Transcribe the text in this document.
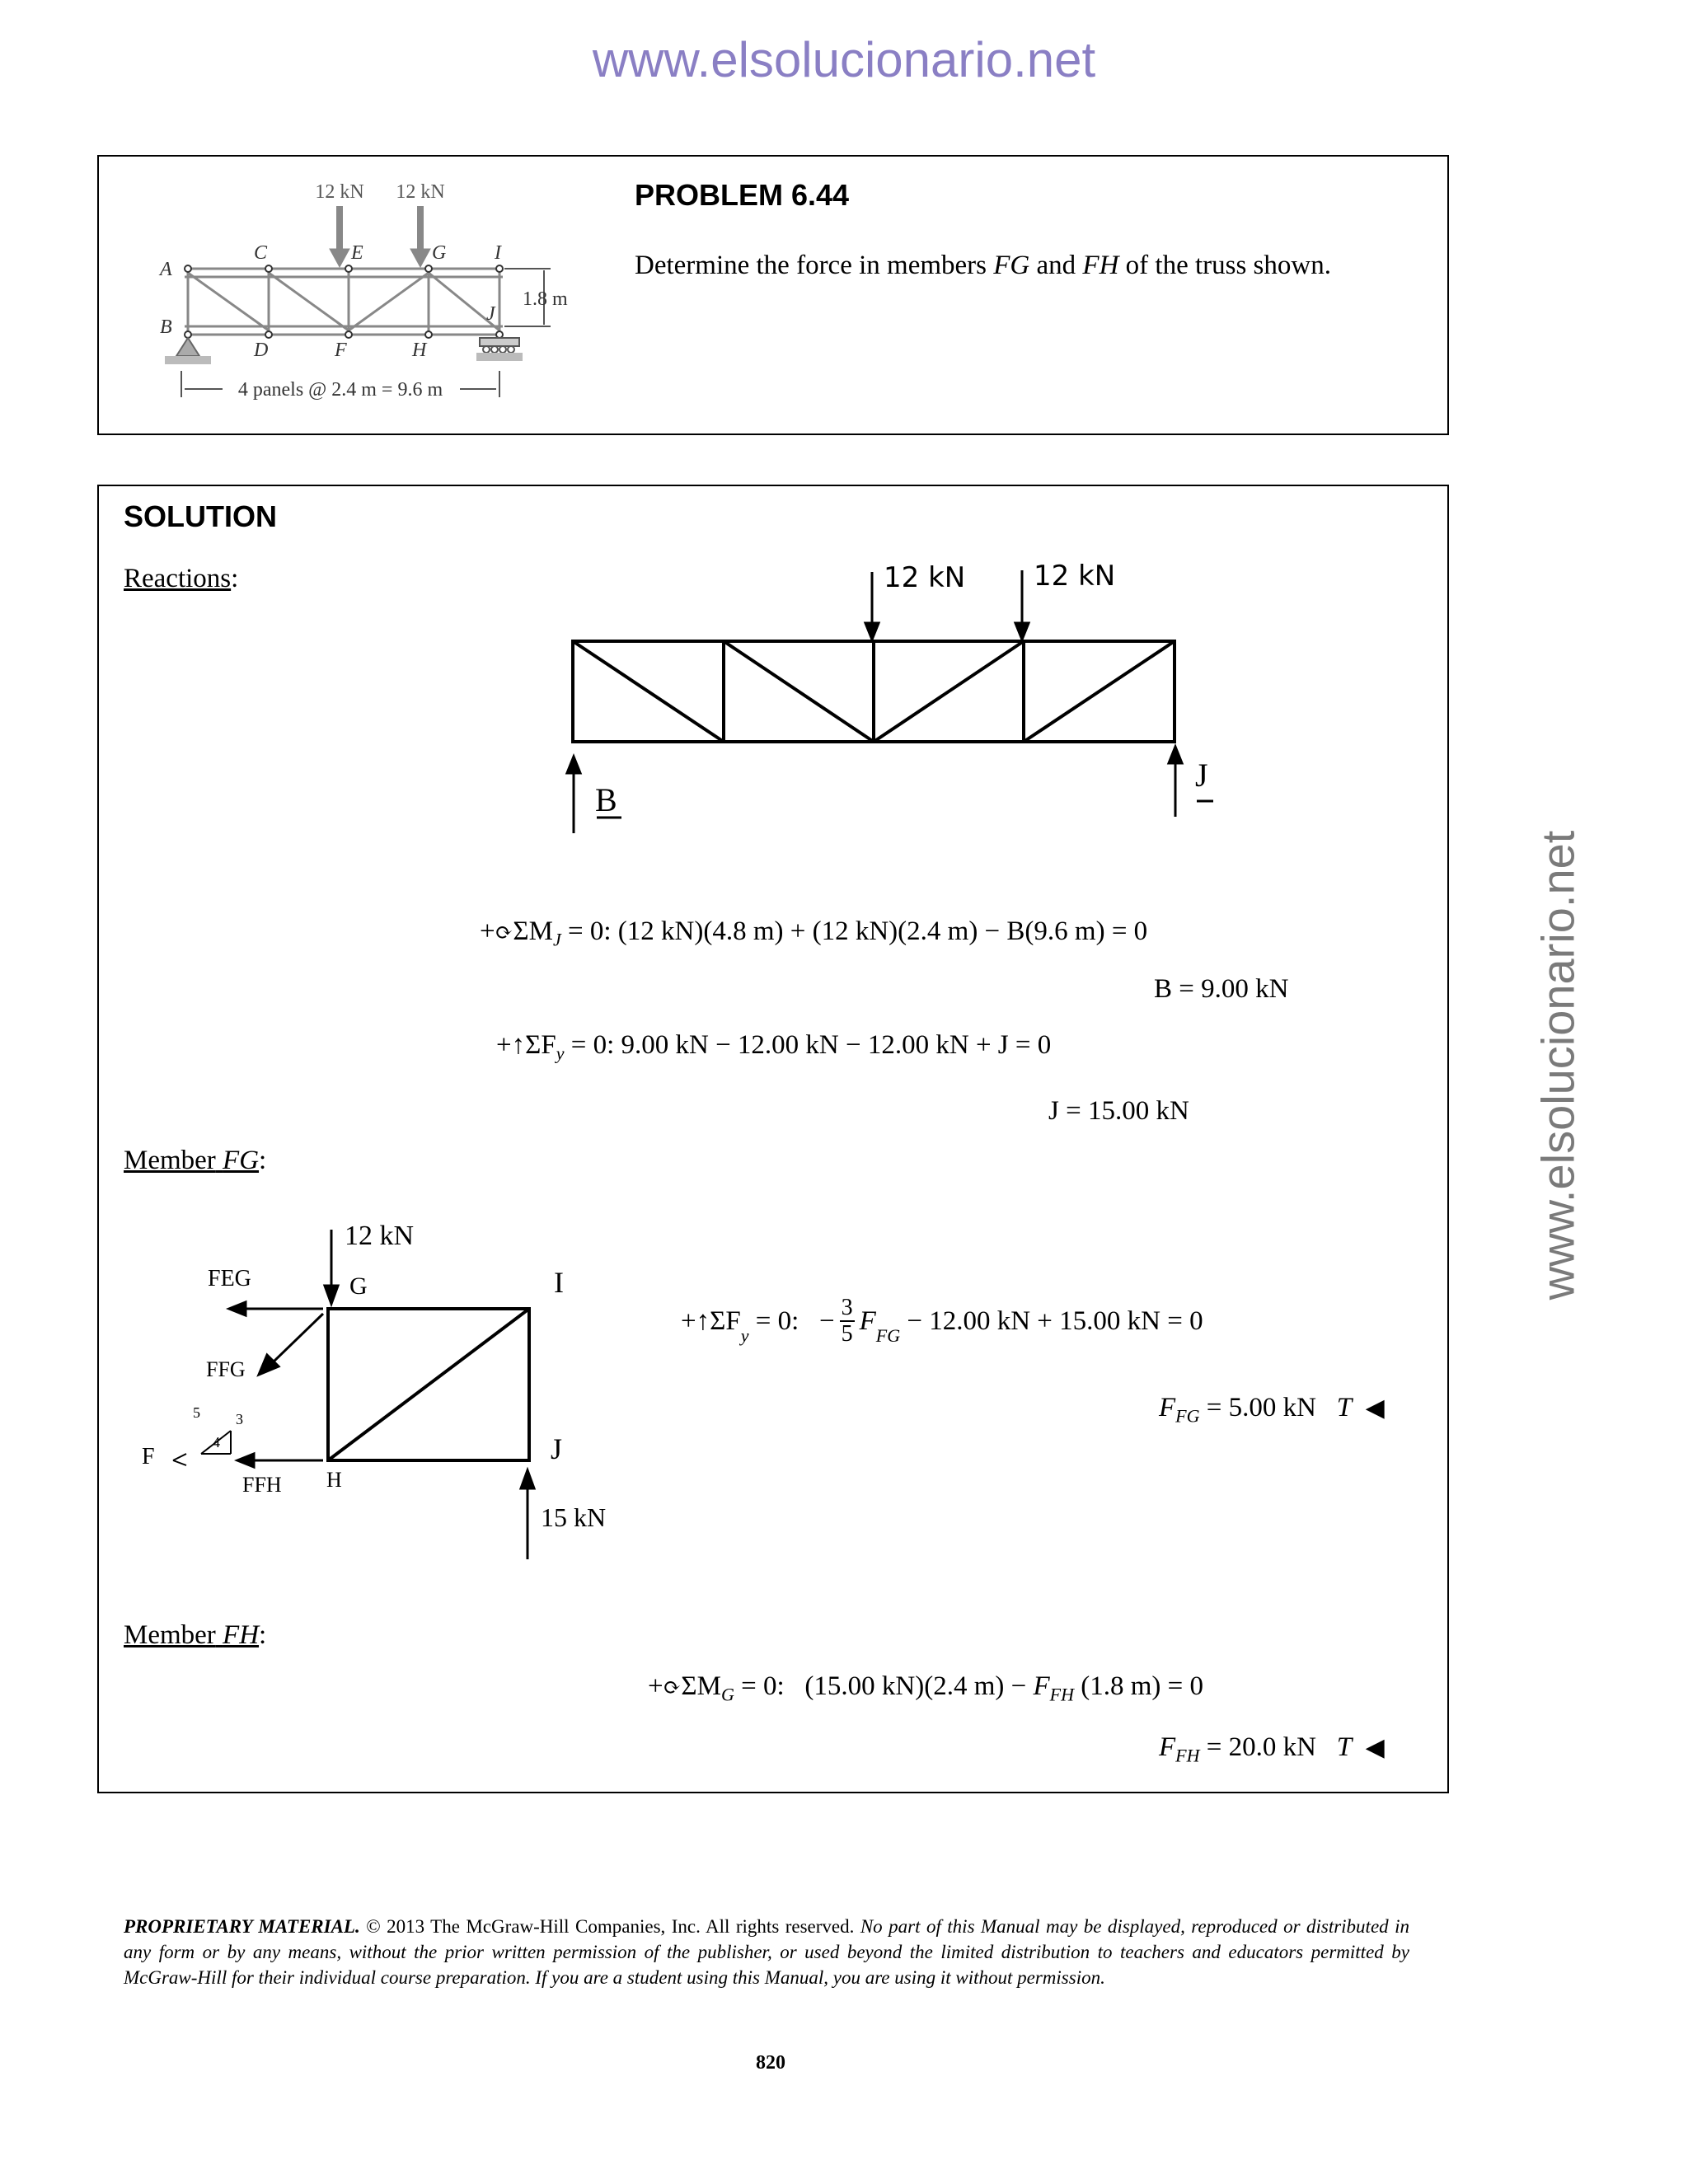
www.elsolucionario.net
www.elsolucionario.net
12 kN 12 kN
A
C	E	G I
B
D	F	H
J
1.8 m
4 panels @ 2.4 m = 9.6 m
PROBLEM 6.44
Determine the force in members FG and FH of the truss shown.
SOLUTION
Reactions:	12 kN 12 kN
B
J
$+⟳\Sigma M_J = 0$: (12 kN)(4.8 m) + (12 kN)(2.4 m) − B(9.6 m) = 0
B = 9.00 kN
$+↑\Sigma F_y = 0$: 9.00 kN − 12.00 kN − 12.00 kN + J = 0
J = 15.00 kN
Member FG:
12 kN
FEG	G	I
FFG
5 3
4
F
FFH H
J
15 kN
+ ↑ $\Sigma F_y = 0$:   − $\frac{3}{5} F_{FG} - 12.00$ kN + 15.00 kN = 0
$F_{FG} = 5.00$ kN T ◀
Member FH:
$+⟳\Sigma M_G = 0$:   (15.00 kN)(2.4 $m) - F_{FH}$ (1.8 m) = 0
$F_{FH} = 20.0$ kN T ◀
PROPRIETARY MATERIAL. © 2013 The McGraw-Hill Companies, Inc. All rights reserved. No part of this Manual may be displayed, reproduced or distributed in any form or by any means, without the prior written permission of the publisher, or used beyond the limited distribution to teachers and educators permitted by McGraw-Hill for their individual course preparation. If you are a student using this Manual, you are using it without permission.
820
